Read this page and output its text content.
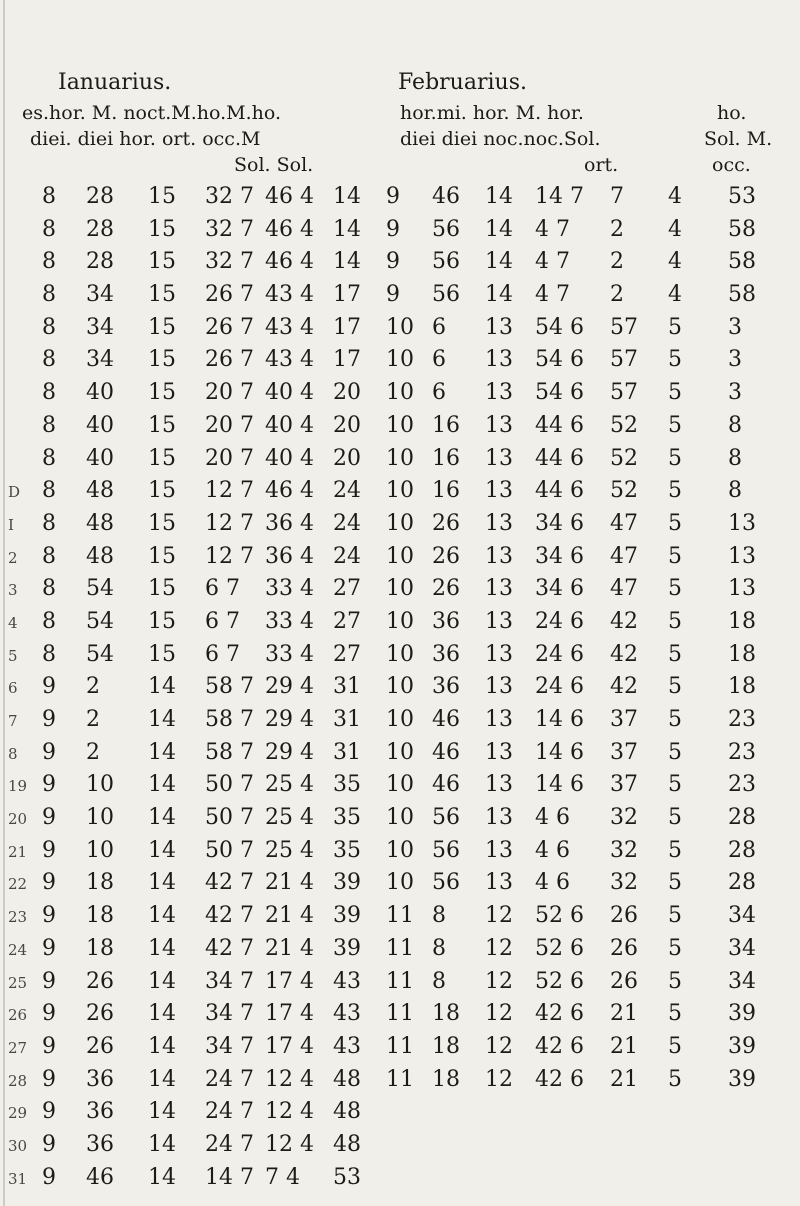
Ianuarius.	Februarius.
es.hor. M. noct.M.ho.M.ho.
diei. diei hor. ort. occ.M
Sol. Sol.
hor.mi. hor. M. hor.
diei diei noc.noc.Sol.
ort.
ho.
Sol. M.
occ.
8 28 15 32 7 46 4 14 9 46 14 14 7 7 4 53
8 28 15 32 7 46 4 14 9 56 14 4 7 2 4 58
8 28 15 32 7 46 4 14 9 56 14 4 7 2 4 58
8 34 15 26 7 43 4 17 9 56 14 4 7 2 4 58
8 34 15 26 7 43 4 17 10 6 13 54 6 57 5 3
8 34 15 26 7 43 4 17 10 6 13 54 6 57 5 3
8 40 15 20 7 40 4 20 10 6 13 54 6 57 5 3
8 40 15 20 7 40 4 20 10 16 13 44 6 52 5 8
8 40 15 20 7 40 4 20 10 16 13 44 6 52 5 8
D 8 48 15 12 7 46 4 24 10 16 13 44 6 52 5 8
I 8 48 15 12 7 36 4 24 10 26 13 34 6 47 5 13
2 8 48 15 12 7 36 4 24 10 26 13 34 6 47 5 13
3 8 54 15 6 7 33 4 27 10 26 13 34 6 47 5 13
4 8 54 15 6 7 33 4 27 10 36 13 24 6 42 5 18
5 8 54 15 6 7 33 4 27 10 36 13 24 6 42 5 18
6 9 2 14 58 7 29 4 31 10 36 13 24 6 42 5 18
7 9 2 14 58 7 29 4 31 10 46 13 14 6 37 5 23
8 9 2 14 58 7 29 4 31 10 46 13 14 6 37 5 23
19 9 10 14 50 7 25 4 35 10 46 13 14 6 37 5 23
20 9 10 14 50 7 25 4 35 10 56 13 4 6 32 5 28
21 9 10 14 50 7 25 4 35 10 56 13 4 6 32 5 28
22 9 18 14 42 7 21 4 39 10 56 13 4 6 32 5 28
23 9 18 14 42 7 21 4 39 11 8 12 52 6 26 5 34
24 9 18 14 42 7 21 4 39 11 8 12 52 6 26 5 34
25 9 26 14 34 7 17 4 43 11 8 12 52 6 26 5 34
26 9 26 14 34 7 17 4 43 11 18 12 42 6 21 5 39
27 9 26 14 34 7 17 4 43 11 18 12 42 6 21 5 39
28 9 36 14 24 7 12 4 48 11 18 12 42 6 21 5 39
29 9 36 14 24 7 12 4 48
30 9 36 14 24 7 12 4 48
31 9 46 14 14 7 7 4 53
